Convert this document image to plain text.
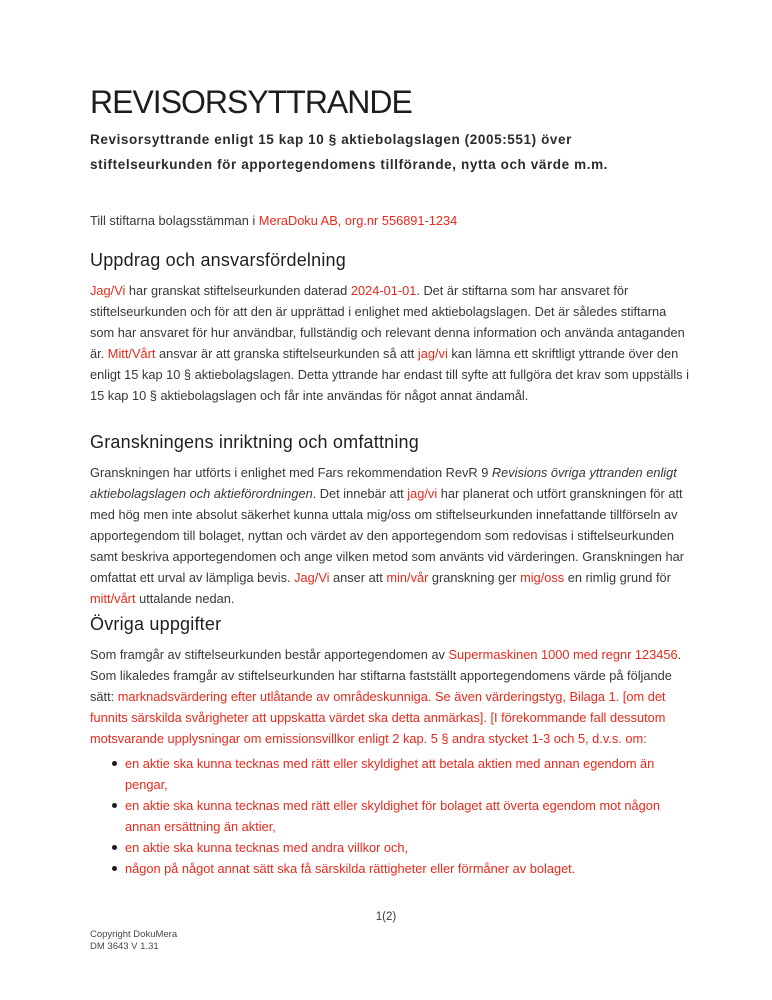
REVISORSYTTRANDE
Revisorsyttrande enligt 15 kap 10 § aktiebolagslagen (2005:551) över stiftelseurkunden för apportegendomens tillförande, nytta och värde m.m.
Till stiftarna bolagsstämman i MeraDoku AB, org.nr 556891-1234
Uppdrag och ansvarsfördelning

Jag/Vi har granskat stiftelseurkunden daterad 2024-01-01. Det är stiftarna som har ansvaret för stiftelseurkunden och för att den är upprättad i enlighet med aktiebolagslagen. Det är således stiftarna som har ansvaret för hur användbar, fullständig och relevant denna information och använda antaganden är. Mitt/Vårt ansvar är att granska stiftelseurkunden så att jag/vi kan lämna ett skriftligt yttrande över den enligt 15 kap 10 § aktiebolagslagen. Detta yttrande har endast till syfte att fullgöra det krav som uppställs i 15 kap 10 § aktiebolagslagen och får inte användas för något annat ändamål.

Granskningens inriktning och omfattning

Granskningen har utförts i enlighet med Fars rekommendation RevR 9 Revisions övriga yttranden enligt aktiebolagslagen och aktieförordningen. Det innebär att jag/vi har planerat och utfört granskningen för att med hög men inte absolut säkerhet kunna uttala mig/oss om stiftelseurkunden innefattande tillförseln av apportegendom till bolaget, nyttan och värdet av den apportegendom som redovisas i stiftelseurkunden samt beskriva apportegendomen och ange vilken metod som använts vid värderingen. Granskningen har omfattat ett urval av lämpliga bevis. Jag/Vi anser att min/vår granskning ger mig/oss en rimlig grund för mitt/vårt uttalande nedan.

Övriga uppgifter

Som framgår av stiftelseurkunden består apportegendomen av Supermaskinen 1000 med regnr 123456. Som likaledes framgår av stiftelseurkunden har stiftarna fastställt apportegendomens värde på följande sätt: marknadsvärdering efter utlåtande av områdeskunniga. Se även värderingstyg, Bilaga 1. [om det funnits särskilda svårigheter att uppskatta värdet ska detta anmärkas]. [I förekommande fall dessutom motsvarande upplysningar om emissionsvillkor enligt 2 kap. 5 § andra stycket 1-3 och 5, d.v.s. om:

en aktie ska kunna tecknas med rätt eller skyldighet att betala aktien med annan egendom än pengar,
en aktie ska kunna tecknas med rätt eller skyldighet för bolaget att överta egendom mot någon annan ersättning än aktier,
en aktie ska kunna tecknas med andra villkor och,
någon på något annat sätt ska få särskilda rättigheter eller förmåner av bolaget.
1(2)
Copyright DokuMera
DM 3643 V 1.31
